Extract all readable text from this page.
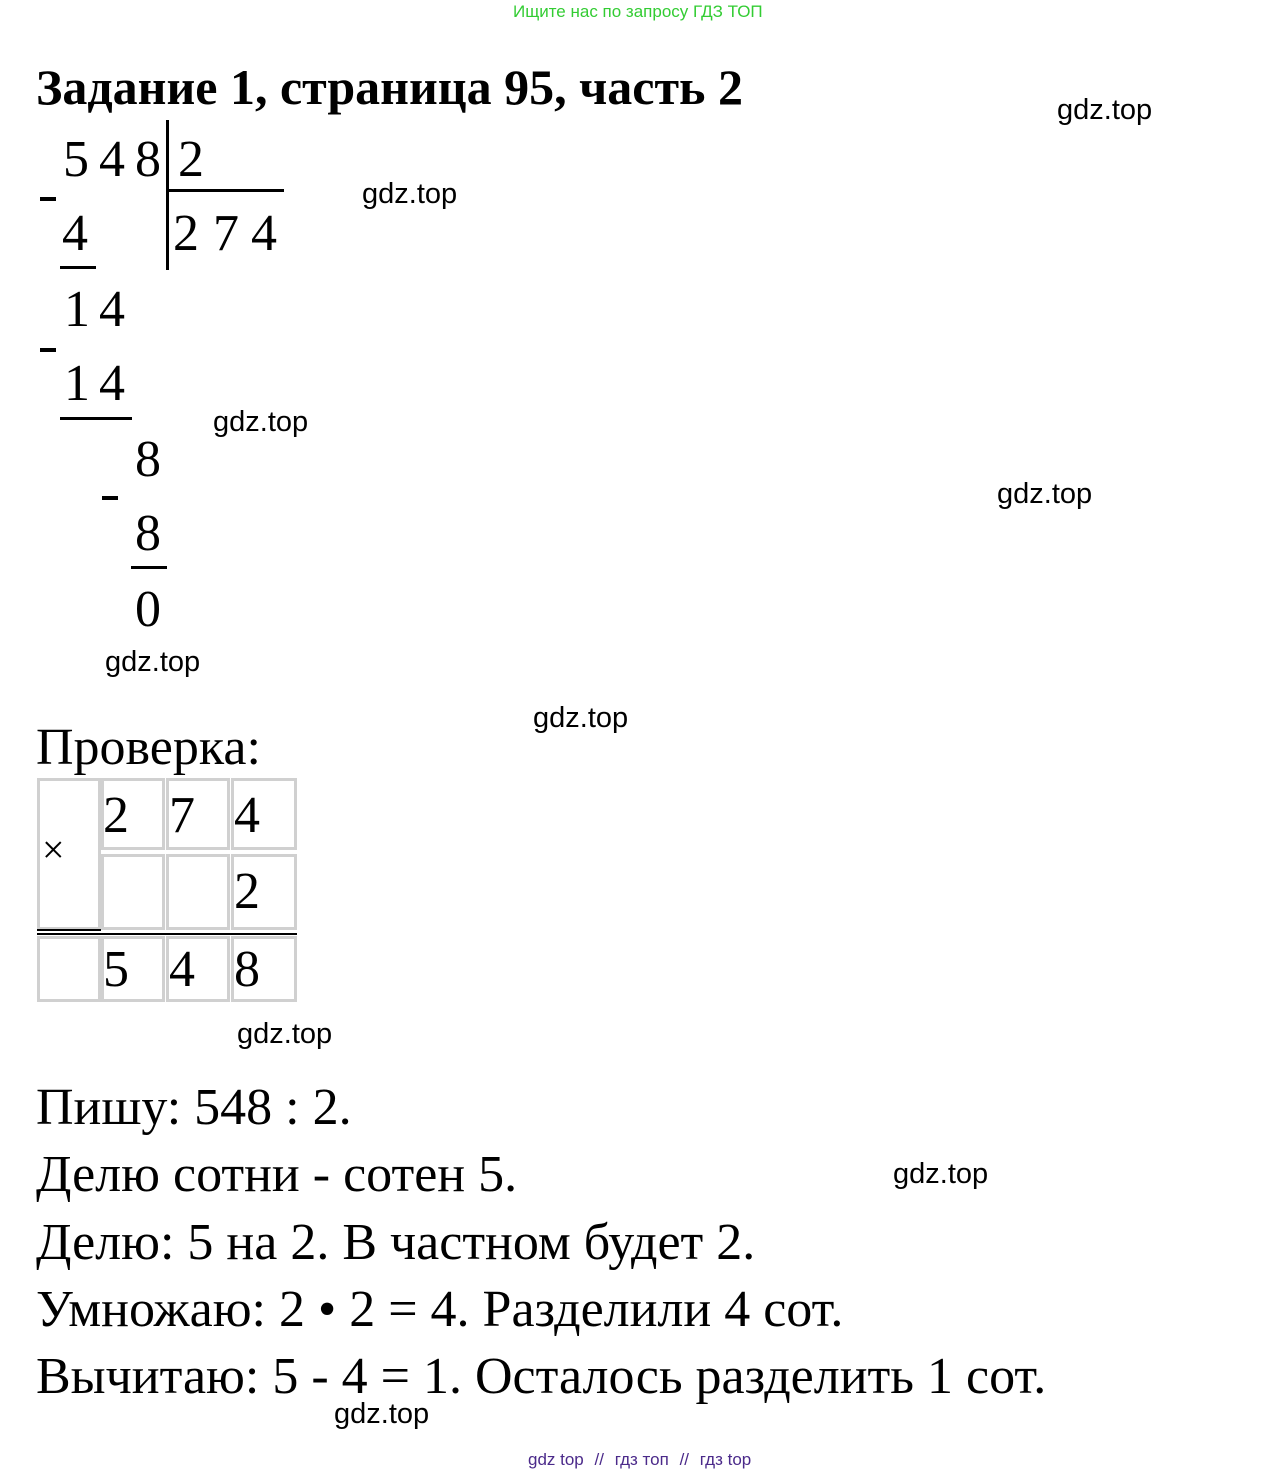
Ищите нас по запросу ГДЗ ТОП
Задание 1, страница 95, часть 2	gdz.top
gdz.top
gdz.top
gdz.top
gdz.top
gdz.top
gdz.top
gdz.top
gdz.top
5 4 8 2
2 7 4
4
1 4
1 4
8
8
0
Проверка:
×
2 7 4
2
5 4 8
Пишу: 548 : 2.
Делю сотни - сотен 5.
Делю: 5 на 2. В частном будет 2.
Умножаю: 2 • 2 = 4. Разделили 4 сот.
Вычитаю: 5 - 4 = 1. Осталось разделить 1 сот.
gdz top // гдз топ // гдз top
